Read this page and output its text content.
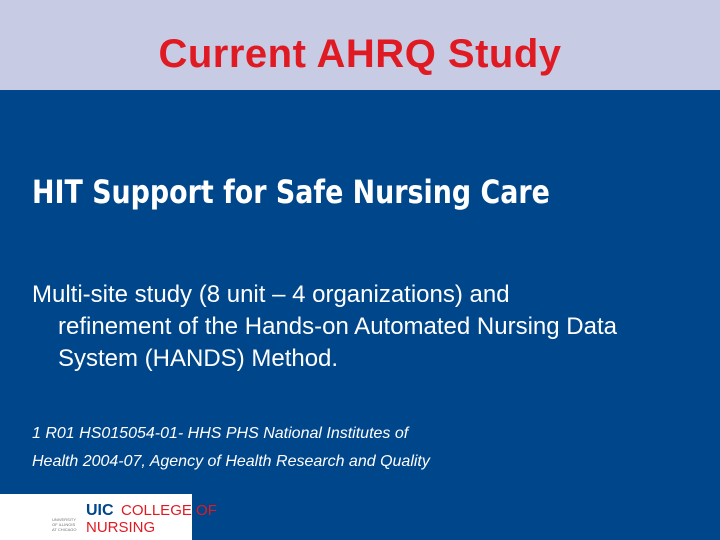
Current AHRQ Study
HIT Support for Safe Nursing Care
Multi-site study (8 unit – 4 organizations) and
refinement of the Hands-on Automated Nursing Data
System (HANDS) Method.
1 R01 HS015054-01- HHS PHS National Institutes of
Health 2004-07, Agency of Health Research and Quality
UNIVERSITY OF ILLINOIS
AT CHICAGO
UIC COLLEGE OF
NURSING
